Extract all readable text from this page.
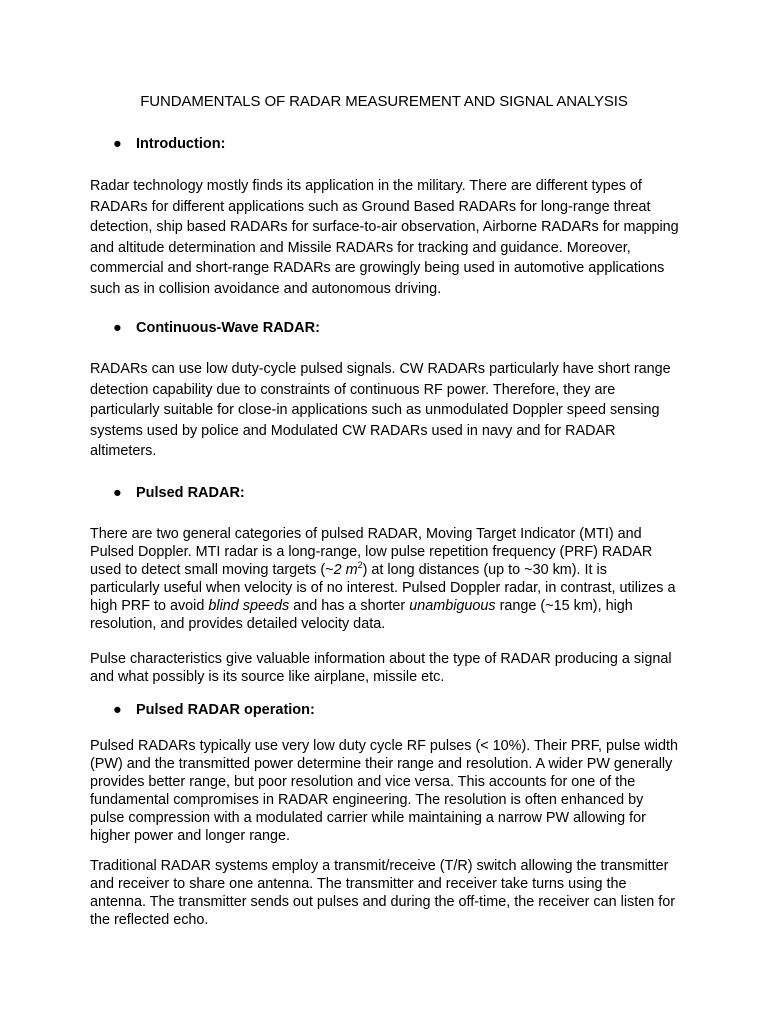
FUNDAMENTALS OF RADAR MEASUREMENT AND SIGNAL ANALYSIS
● Introduction:
Radar technology mostly finds its application in the military. There are different types of RADARs for different applications such as Ground Based RADARs for long-range threat detection, ship based RADARs for surface-to-air observation, Airborne RADARs for mapping and altitude determination and Missile RADARs for tracking and guidance. Moreover, commercial and short-range RADARs are growingly being used in automotive applications such as in collision avoidance and autonomous driving.
● Continuous-Wave RADAR:
RADARs can use low duty-cycle pulsed signals. CW RADARs particularly have short range detection capability due to constraints of continuous RF power. Therefore, they are particularly suitable for close-in applications such as unmodulated Doppler speed sensing systems used by police and Modulated CW RADARs used in navy and for RADAR altimeters.
● Pulsed RADAR:
There are two general categories of pulsed RADAR, Moving Target Indicator (MTI) and Pulsed Doppler. MTI radar is a long-range, low pulse repetition frequency (PRF) RADAR used to detect small moving targets (~2 $m^2$) at long distances (up to ~30 km). It is particularly useful when velocity is of no interest. Pulsed Doppler radar, in contrast, utilizes a high PRF to avoid blind speeds and has a shorter unambiguous range (~15 km), high resolution, and provides detailed velocity data.
Pulse characteristics give valuable information about the type of RADAR producing a signal and what possibly is its source like airplane, missile etc.
● Pulsed RADAR operation:
Pulsed RADARs typically use very low duty cycle RF pulses (< 10%). Their PRF, pulse width (PW) and the transmitted power determine their range and resolution. A wider PW generally provides better range, but poor resolution and vice versa. This accounts for one of the fundamental compromises in RADAR engineering. The resolution is often enhanced by pulse compression with a modulated carrier while maintaining a narrow PW allowing for higher power and longer range.
Traditional RADAR systems employ a transmit/receive (T/R) switch allowing the transmitter and receiver to share one antenna. The transmitter and receiver take turns using the antenna. The transmitter sends out pulses and during the off-time, the receiver can listen for the reflected echo.
